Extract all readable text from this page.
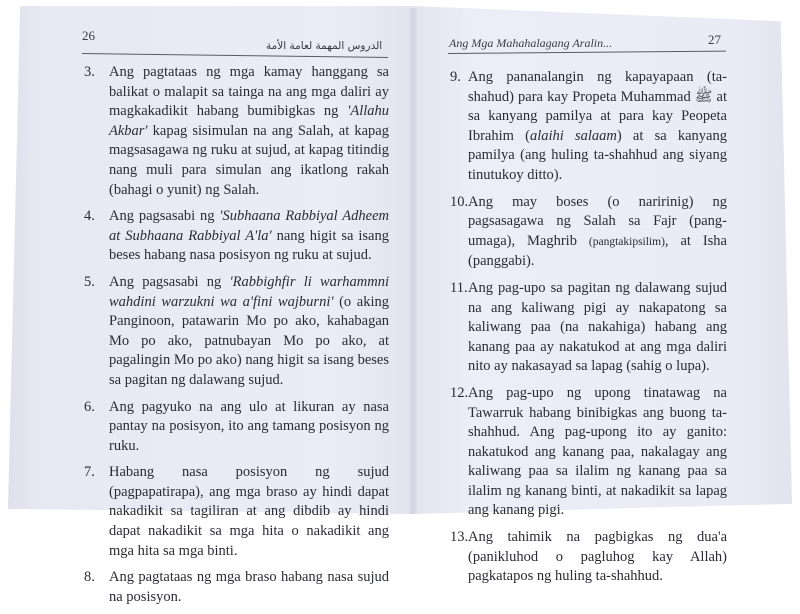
26
الدروس المهمة لعامة الأمة
3. Ang pagtataas ng mga kamay hanggang sa balikat o malapit sa tainga na ang mga daliri ay magkakadikit habang bumibigkas ng 'Allahu Akbar' kapag sisimulan na ang Salah, at kapag magsasagawa ng ruku at sujud, at kapag titindig nang muli para simulan ang ikatlong rakah (bahagi o yunit) ng Salah.
4. Ang pagsasabi ng 'Subhaana Rabbiyal Adheem at Subhaana Rabbiyal A'la' nang higit sa isang beses habang nasa posisyon ng ruku at sujud.
5. Ang pagsasabi ng 'Rabbighfir li warhammni wahdini warzukni wa a'fini wajburni' (o aking Panginoon, patawarin Mo po ako, kahabagan Mo po ako, patnubayan Mo po ako, at pagalingin Mo po ako) nang higit sa isang beses sa pagitan ng dalawang sujud.
6. Ang pagyuko na ang ulo at likuran ay nasa pantay na posisyon, ito ang tamang posisyon ng ruku.
7. Habang nasa posisyon ng sujud (pagpapatirapa), ang mga braso ay hindi dapat nakadikit sa tagiliran at ang dibdib ay hindi dapat nakadikit sa mga hita o nakadikit ang mga hita sa mga binti.
8. Ang pagtataas ng mga braso habang nasa sujud na posisyon.
Ang Mga Mahahalagang Aralin...	27
9. Ang pananalangin ng kapayapaan (ta-shahud) para kay Propeta Muhammad ﷺ at sa kanyang pamilya at para kay Peopeta Ibrahim (alaihi salaam) at sa kanyang pamilya (ang huling ta-shahhud ang siyang tinutukoy ditto).
10. Ang may boses (o naririnig) ng pagsasagawa ng Salah sa Fajr (pang-umaga), Maghrib (pangtakipsilim), at Isha (panggabi).
11. Ang pag-upo sa pagitan ng dalawang sujud na ang kaliwang pigi ay nakapatong sa kaliwang paa (na nakahiga) habang ang kanang paa ay nakatukod at ang mga daliri nito ay nakasayad sa lapag (sahig o lupa).
12. Ang pag-upo ng upong tinatawag na Tawarruk habang binibigkas ang buong ta-shahhud. Ang pag-upong ito ay ganito: nakatukod ang kanang paa, nakalagay ang kaliwang paa sa ilalim ng kanang paa sa ilalim ng kanang binti, at nakadikit sa lapag ang kanang pigi.
13. Ang tahimik na pagbigkas ng dua'a (panikluhod o pagluhog kay Allah) pagkatapos ng huling ta-shahhud.
